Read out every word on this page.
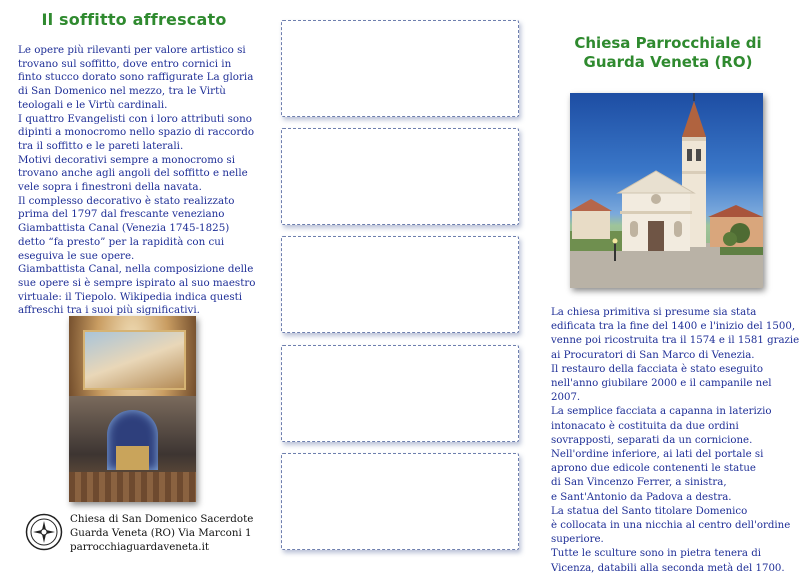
Il soffitto affrescato

Le opere più rilevanti per valore artistico si trovano sul soffitto, dove entro cornici in finto stucco dorato sono raffigurate La gloria di San Domenico nel mezzo, tra le Virtù teologali e le Virtù cardinali.

I quattro Evangelisti con i loro attributi sono dipinti a monocromo nello spazio di raccordo tra il soffitto e le pareti laterali.

Motivi decorativi sempre a monocromo si trovano anche agli angoli del soffitto e nelle vele sopra i finestroni della navata.

Il complesso decorativo è stato realizzato prima del 1797 dal frescante veneziano Giambattista Canal (Venezia 1745-1825) detto “fa presto” per la rapidità con cui eseguiva le sue opere.

Giambattista Canal, nella composizione delle sue opere si è sempre ispirato al suo maestro virtuale: il Tiepolo. Wikipedia indica questi affreschi tra i suoi più significativi.

Chiesa di San Domenico Sacerdote
Guarda Veneta (RO) Via Marconi 1
parrocchiaguardaveneta.it
Chiesa Parrocchiale di
Guarda Veneta (RO)

La chiesa primitiva si presume sia stata edificata tra la fine del 1400 e l'inizio del 1500, venne poi ricostruita tra il 1574 e il 1581 grazie ai Procuratori di San Marco di Venezia.

Il restauro della facciata è stato eseguito nell'anno giubilare 2000 e il campanile nel 2007.

La semplice facciata a capanna in laterizio intonacato è costituita da due ordini sovrapposti, separati da un cornicione.

Nell'ordine inferiore, ai lati del portale si aprono due edicole contenenti le statue

di San Vincenzo Ferrer, a sinistra,

e Sant'Antonio da Padova a destra.

La statua del Santo titolare Domenico

è collocata in una nicchia al centro dell'ordine superiore.

Tutte le sculture sono in pietra tenera di Vicenza, databili alla seconda metà del 1700.
